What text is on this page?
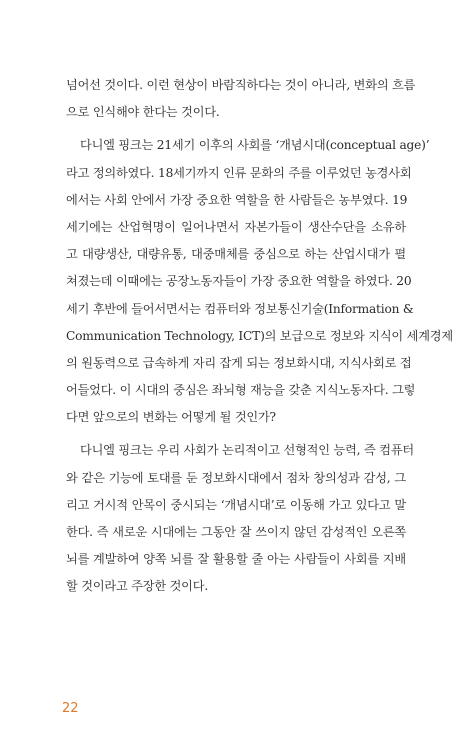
넘어선 것이다. 이런 현상이 바람직하다는 것이 아니라, 변화의 흐름
으로 인식해야 한다는 것이다.
다니엘 핑크는 21세기 이후의 사회를 ‘개념시대(conceptual age)’
라고 정의하였다. 18세기까지 인류 문화의 주를 이루었던 농경사회
에서는 사회 안에서 가장 중요한 역할을 한 사람들은 농부였다. 19
세기에는 산업혁명이 일어나면서 자본가들이 생산수단을 소유하
고 대량생산, 대량유통, 대중매체를 중심으로 하는 산업시대가 펼
쳐졌는데 이때에는 공장노동자들이 가장 중요한 역할을 하였다. 20
세기 후반에 들어서면서는 컴퓨터와 정보통신기술(Information &
Communication Technology, ICT)의 보급으로 정보와 지식이 세계경제
의 원동력으로 급속하게 자리 잡게 되는 정보화시대, 지식사회로 접
어들었다. 이 시대의 중심은 좌뇌형 재능을 갖춘 지식노동자다. 그렇
다면 앞으로의 변화는 어떻게 될 것인가?
다니엘 핑크는 우리 사회가 논리적이고 선형적인 능력, 즉 컴퓨터
와 같은 기능에 토대를 둔 정보화시대에서 점차 창의성과 감성, 그
리고 거시적 안목이 중시되는 ‘개념시대’로 이동해 가고 있다고 말
한다. 즉 새로운 시대에는 그동안 잘 쓰이지 않던 감성적인 오른쪽
뇌를 계발하여 양쪽 뇌를 잘 활용할 줄 아는 사람들이 사회를 지배
할 것이라고 주장한 것이다.
22
